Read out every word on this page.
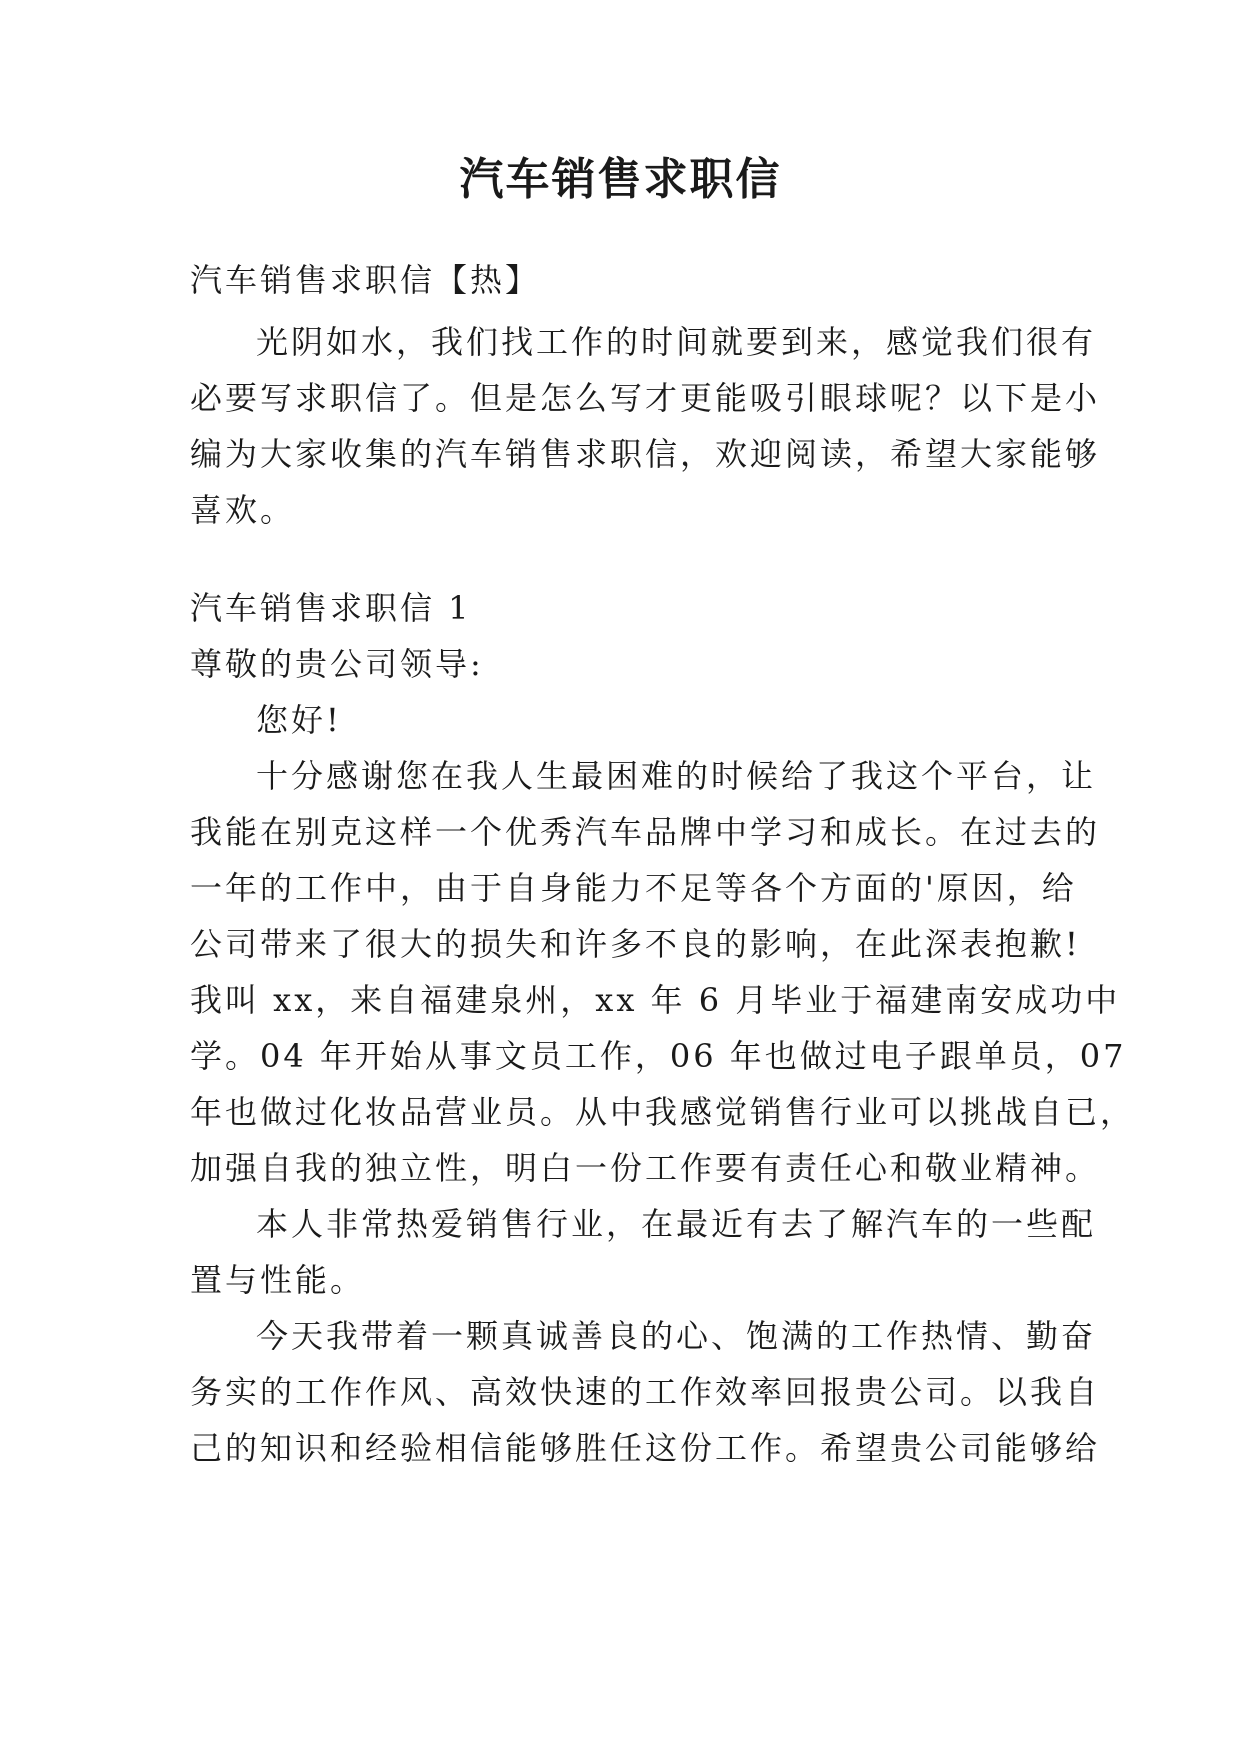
汽车销售求职信
汽车销售求职信【热】
光阴如水，我们找工作的时间就要到来，感觉我们很有
必要写求职信了。但是怎么写才更能吸引眼球呢？以下是小
编为大家收集的汽车销售求职信，欢迎阅读，希望大家能够
喜欢。
汽车销售求职信 1
尊敬的贵公司领导:
您好!
十分感谢您在我人生最困难的时候给了我这个平台，让
我能在别克这样一个优秀汽车品牌中学习和成长。在过去的
一年的工作中，由于自身能力不足等各个方面的'原因，给
公司带来了很大的损失和许多不良的影响，在此深表抱歉!
我叫 xx，来自福建泉州，xx 年 6 月毕业于福建南安成功中
学。04 年开始从事文员工作，06 年也做过电子跟单员，07
年也做过化妆品营业员。从中我感觉销售行业可以挑战自已，
加强自我的独立性，明白一份工作要有责任心和敬业精神。
本人非常热爱销售行业，在最近有去了解汽车的一些配
置与性能。
今天我带着一颗真诚善良的心、饱满的工作热情、勤奋
务实的工作作风、高效快速的工作效率回报贵公司。以我自
己的知识和经验相信能够胜任这份工作。希望贵公司能够给
